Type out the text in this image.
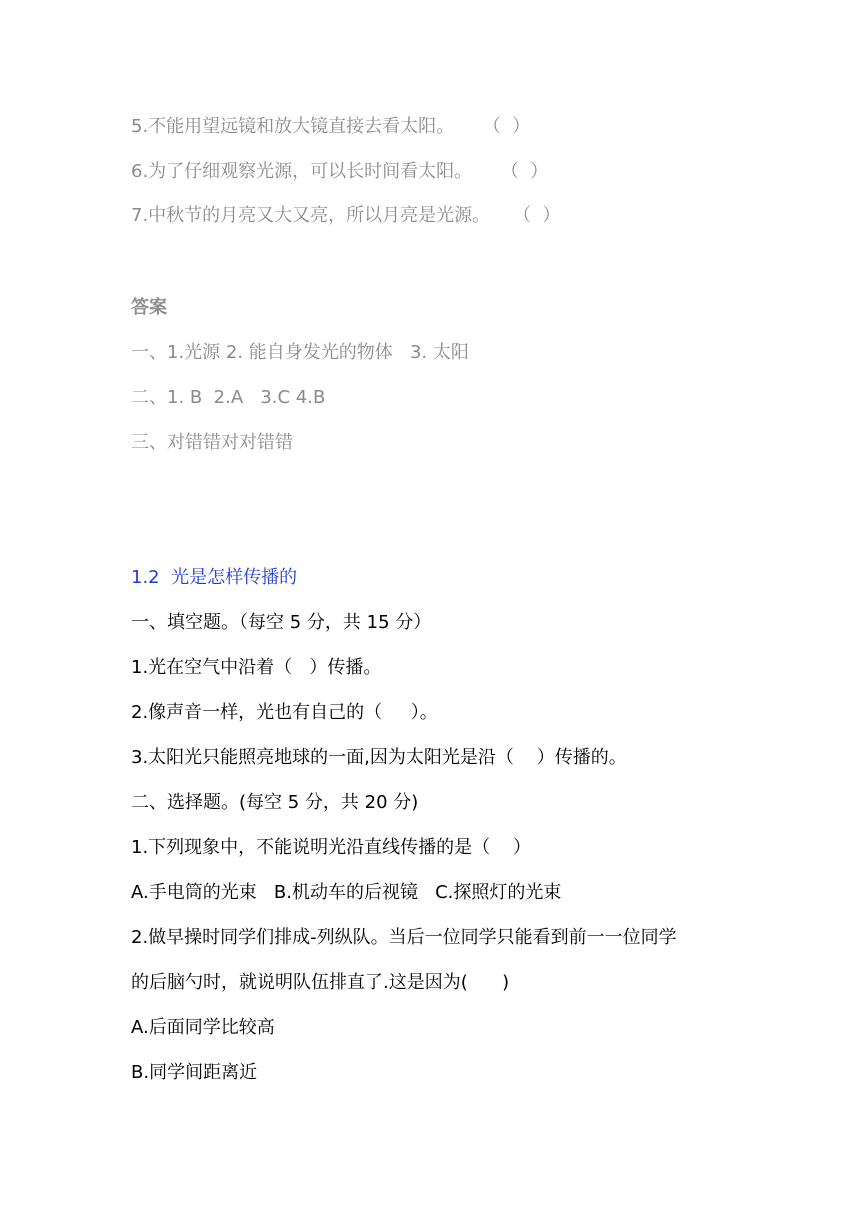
5.不能用望远镜和放大镜直接去看太阳。     （  ）
6.为了仔细观察光源，可以长时间看太阳。     （  ）
7.中秋节的月亮又大又亮，所以月亮是光源。    （  ）
答案
一、1.光源 2. 能自身发光的物体   3. 太阳
二、1. B  2.A   3.C 4.B
三、对错错对对错错
1.2  光是怎样传播的
一、填空题。（每空 5 分，共 15 分）
1.光在空气中沿着（   ）传播。
2.像声音一样，光也有自己的（     ）。
3.太阳光只能照亮地球的一面,因为太阳光是沿（    ）传播的。
二、选择题。(每空 5 分，共 20 分)
1.下列现象中，不能说明光沿直线传播的是（    ）
A.手电筒的光束   B.机动车的后视镜   C.探照灯的光束
2.做早操时同学们排成-列纵队。当后一位同学只能看到前一一位同学
的后脑勺时，就说明队伍排直了.这是因为(      )
A.后面同学比较高
B.同学间距离近
